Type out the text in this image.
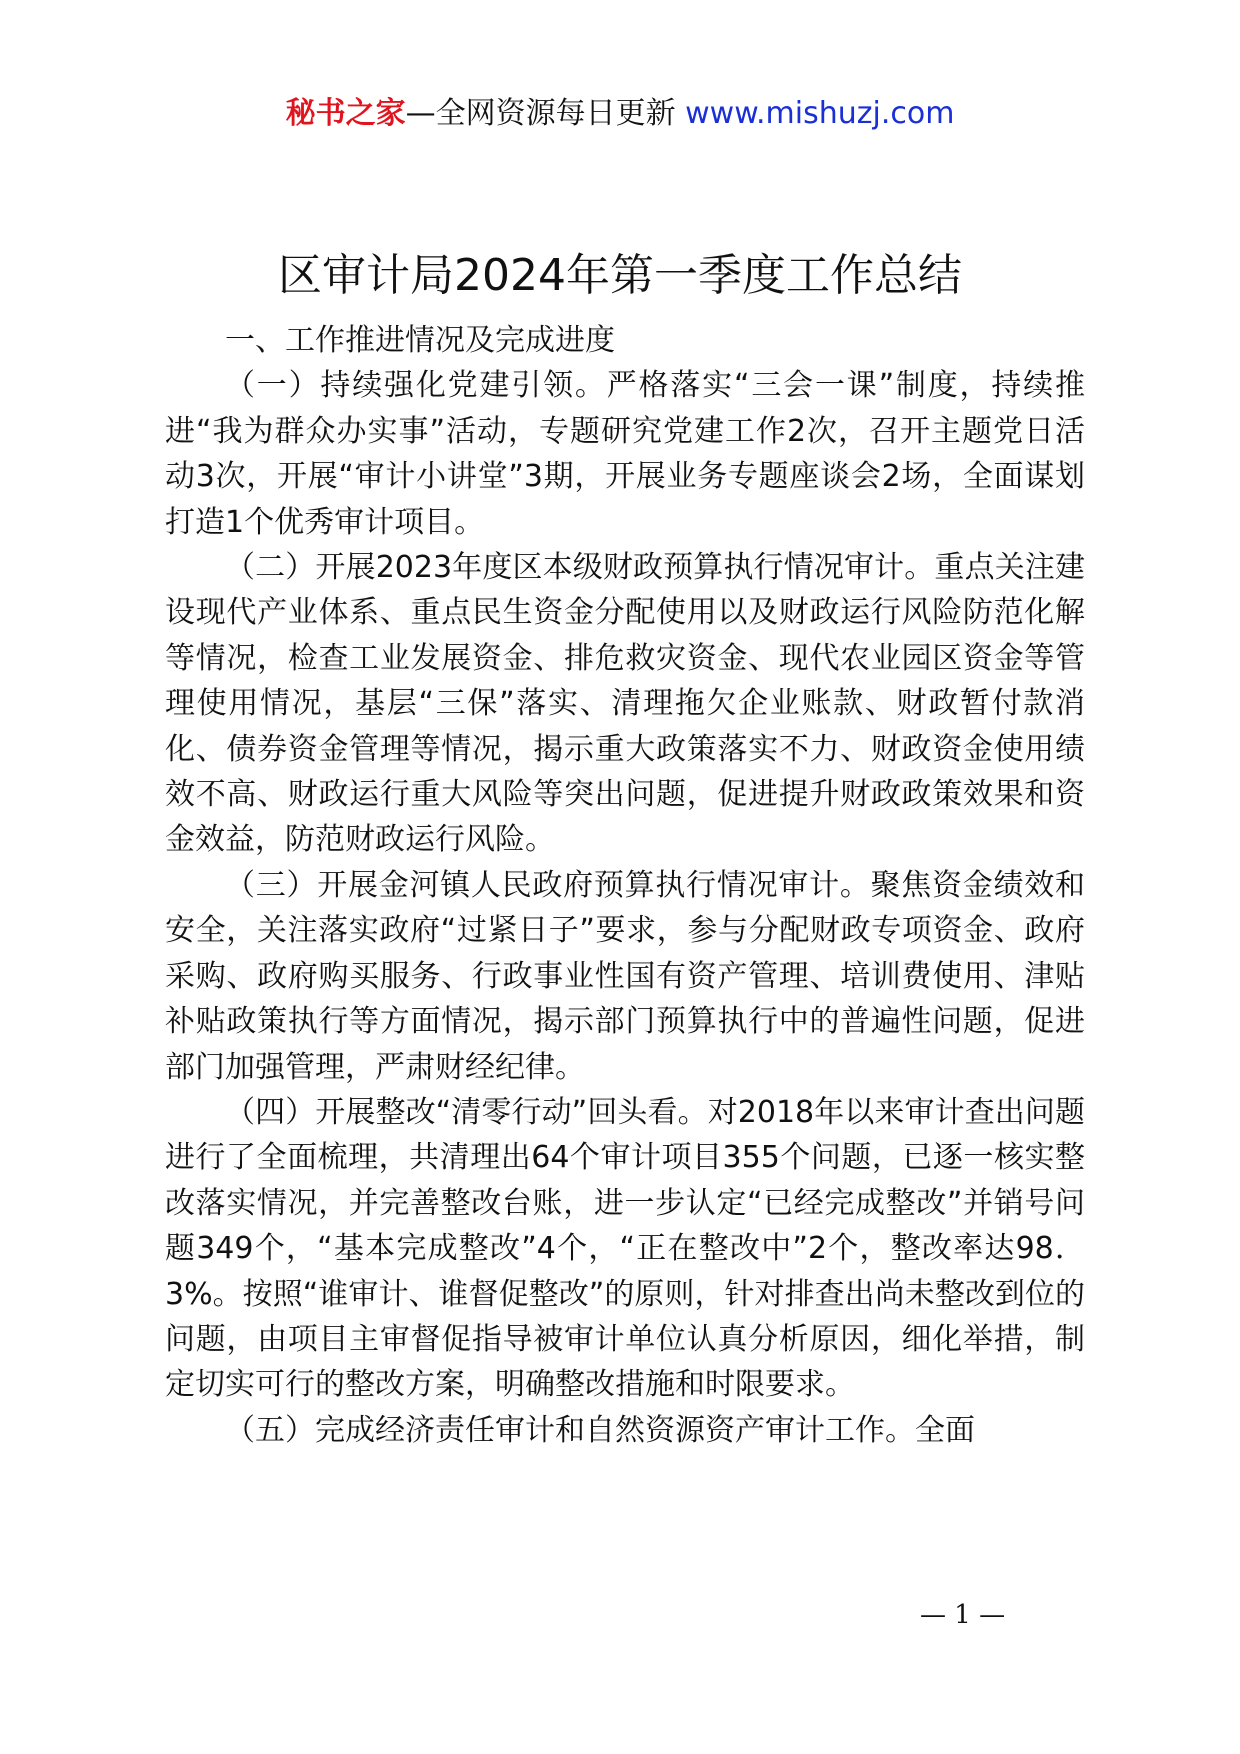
秘书之家—全网资源每日更新 www.mishuzj.com
区审计局2024年第一季度工作总结

一、工作推进情况及完成进度

（一）持续强化党建引领。严格落实“三会一课”制度，持续推进“我为群众办实事”活动，专题研究党建工作2次，召开主题党日活动3次，开展“审计小讲堂”3期，开展业务专题座谈会2场，全面谋划打造1个优秀审计项目。

（二）开展2023年度区本级财政预算执行情况审计。重点关注建设现代产业体系、重点民生资金分配使用以及财政运行风险防范化解等情况，检查工业发展资金、排危救灾资金、现代农业园区资金等管理使用情况，基层“三保”落实、清理拖欠企业账款、财政暂付款消化、债券资金管理等情况，揭示重大政策落实不力、财政资金使用绩效不高、财政运行重大风险等突出问题，促进提升财政政策效果和资金效益，防范财政运行风险。

（三）开展金河镇人民政府预算执行情况审计。聚焦资金绩效和安全，关注落实政府“过紧日子”要求，参与分配财政专项资金、政府采购、政府购买服务、行政事业性国有资产管理、培训费使用、津贴补贴政策执行等方面情况，揭示部门预算执行中的普遍性问题，促进部门加强管理，严肃财经纪律。

（四）开展整改“清零行动”回头看。对2018年以来审计查出问题进行了全面梳理，共清理出64个审计项目355个问题，已逐一核实整改落实情况，并完善整改台账，进一步认定“已经完成整改”并销号问题349个，“基本完成整改”4个，“正在整改中”2个，整改率达98．3%。按照“谁审计、谁督促整改”的原则，针对排查出尚未整改到位的问题，由项目主审督促指导被审计单位认真分析原因，细化举措，制定切实可行的整改方案，明确整改措施和时限要求。

（五）完成经济责任审计和自然资源资产审计工作。全面

— 1 —
